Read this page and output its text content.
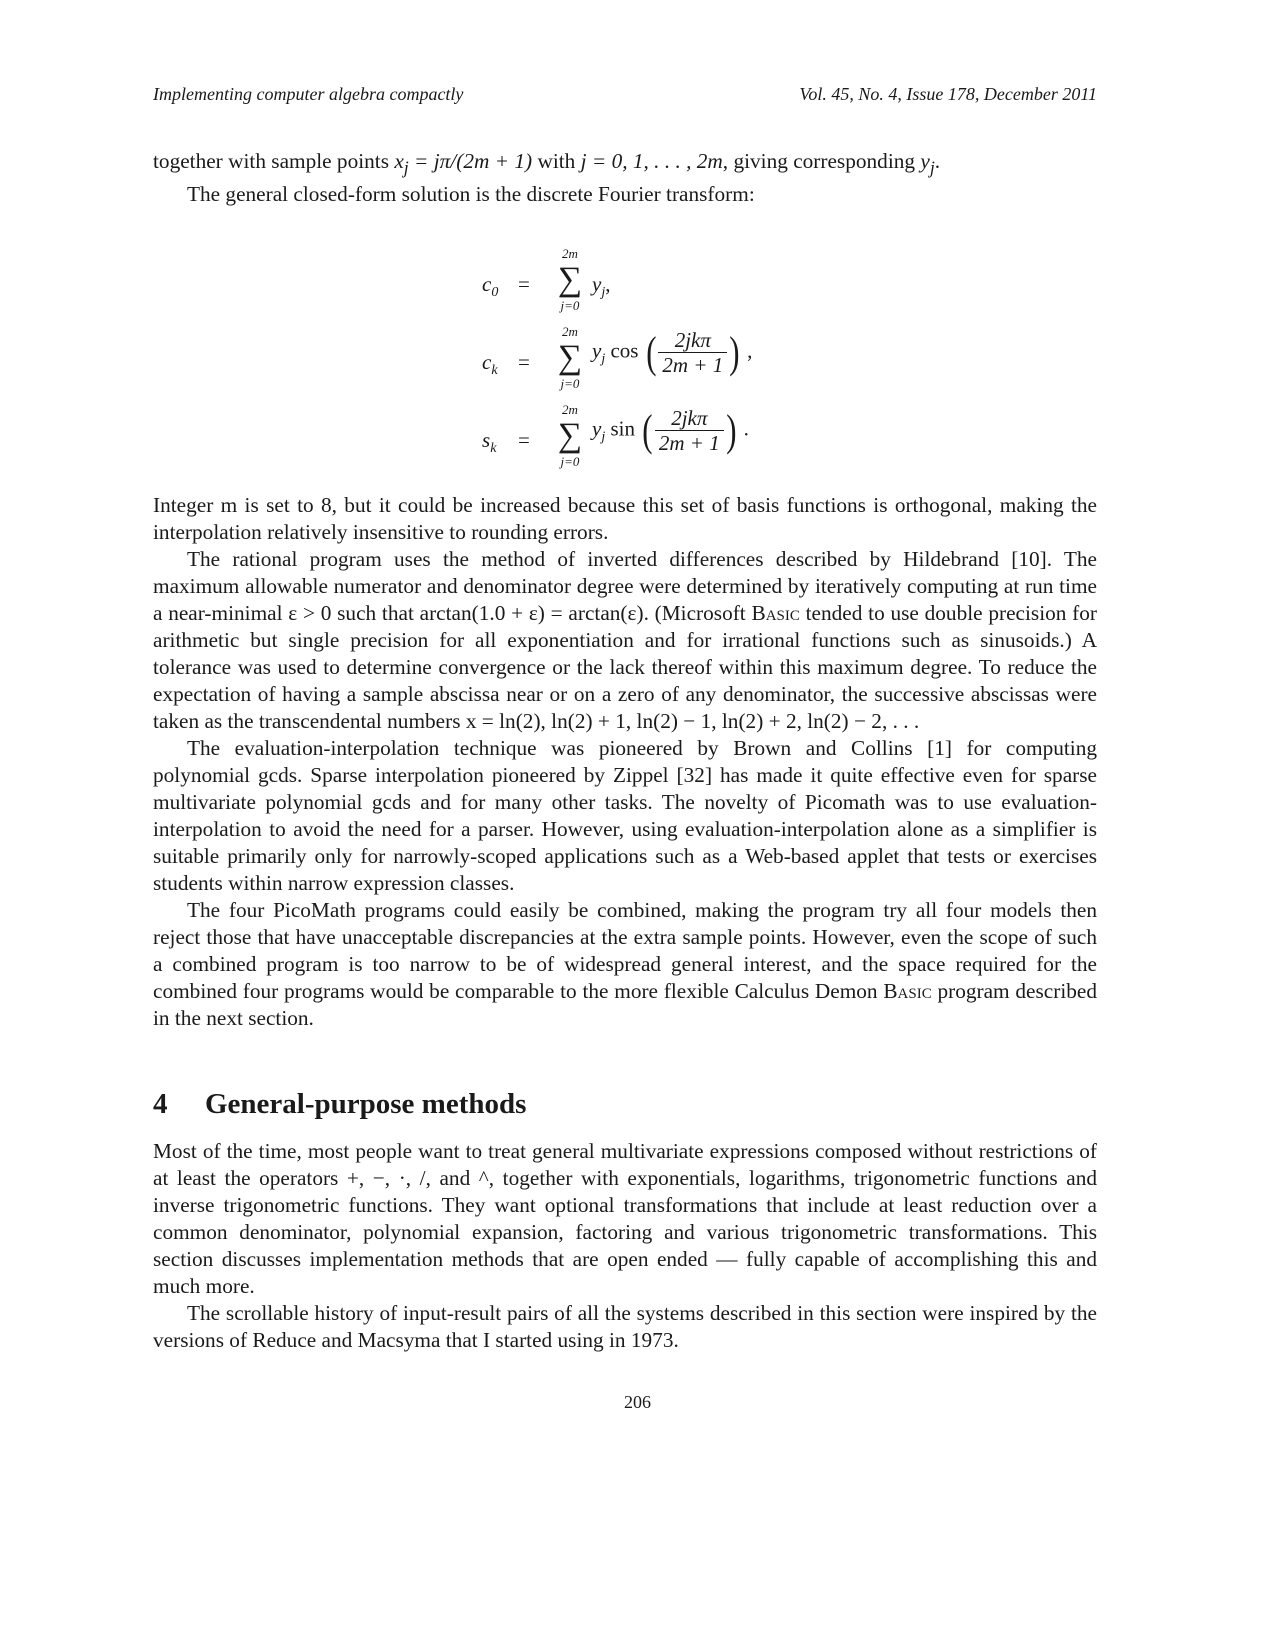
Implementing computer algebra compactly	Vol. 45, No. 4, Issue 178, December 2011

together with sample points $x_j = j\pi/(2m + 1)$ with j = 0, 1, . . . , 2m, giving corresponding $y_j$.

The general closed-form solution is the discrete Fourier transform:

$c_0$ =
2m
∑
j=0
$y_j$,
$c_k$ =
2m
∑
j=0
$y_j$ cos ( $\frac{\text{2jkπ}}{2m + 1}$ ) ,
$s_k$ =
2m
∑
j=0
$y_j$ sin ( $\frac{\text{2jkπ}}{2m + 1}$ ) .

Integer m is set to 8, but it could be increased because this set of basis functions is orthogonal, making the interpolation relatively insensitive to rounding errors.

The rational program uses the method of inverted differences described by Hildebrand [10]. The maximum allowable numerator and denominator degree were determined by iteratively computing at run time a near-minimal ε > 0 such that arctan(1.0 + ε) = arctan(ε). (Microsoft Basic tended to use double precision for arithmetic but single precision for all exponentiation and for irrational functions such as sinusoids.) A tolerance was used to determine convergence or the lack thereof within this maximum degree. To reduce the expectation of having a sample abscissa near or on a zero of any denominator, the successive abscissas were taken as the transcendental numbers x = ln(2), ln(2) + 1, ln(2) − 1, ln(2) + 2, ln(2) − 2, . . .

The evaluation-interpolation technique was pioneered by Brown and Collins [1] for computing polynomial gcds. Sparse interpolation pioneered by Zippel [32] has made it quite effective even for sparse multivariate polynomial gcds and for many other tasks. The novelty of Picomath was to use evaluation-interpolation to avoid the need for a parser. However, using evaluation-interpolation alone as a simplifier is suitable primarily only for narrowly-scoped applications such as a Web-based applet that tests or exercises students within narrow expression classes.

The four PicoMath programs could easily be combined, making the program try all four models then reject those that have unacceptable discrepancies at the extra sample points. However, even the scope of such a combined program is too narrow to be of widespread general interest, and the space required for the combined four programs would be comparable to the more flexible Calculus Demon Basic program described in the next section.

4 General-purpose methods

Most of the time, most people want to treat general multivariate expressions composed without restrictions of at least the operators +, −, ·, /, and ^, together with exponentials, logarithms, trigonometric functions and inverse trigonometric functions. They want optional transformations that include at least reduction over a common denominator, polynomial expansion, factoring and various trigonometric transformations. This section discusses implementation methods that are open ended — fully capable of accomplishing this and much more.

The scrollable history of input-result pairs of all the systems described in this section were inspired by the versions of Reduce and Macsyma that I started using in 1973.

206
